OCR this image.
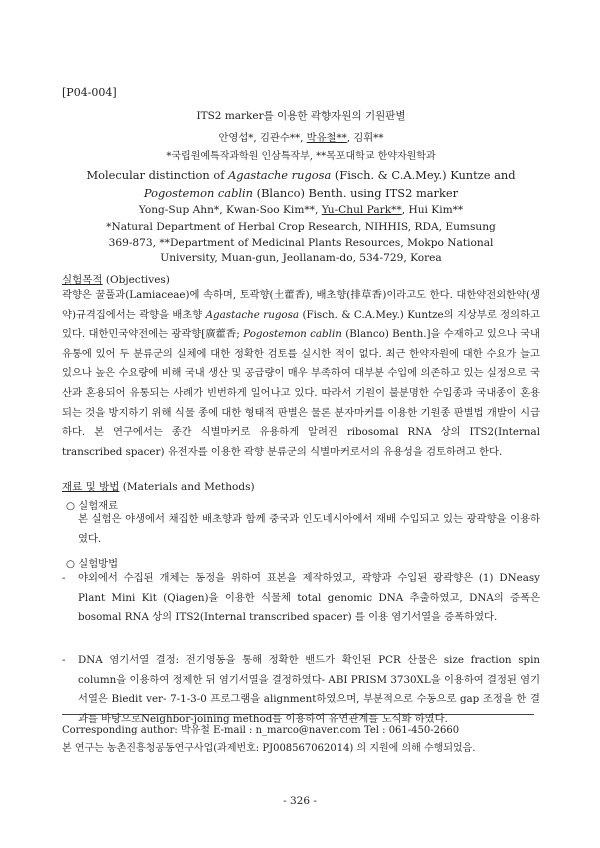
[P04-004]
ITS2 marker를 이용한 곽향자원의 기원판별
안영섭*, 김관수**, 박유철**, 김휘**
*국립원예특작과학원 인삼특작부, **목포대학교 한약자원학과
Molecular distinction of Agastache rugosa (Fisch. & C.A.Mey.) Kuntze and
Pogostemon cablin (Blanco) Benth. using ITS2 marker
Yong-Sup Ahn*, Kwan-Soo Kim**, Yu-Chul Park**, Hui Kim**
*Natural Department of Herbal Crop Research, NIHHIS, RDA, Eumsung
369-873, **Department of Medicinal Plants Resources, Mokpo National
University, Muan-gun, Jeollanam-do, 534-729, Korea
실험목적 (Objectives)
곽향은 꿀풀과(Lamiaceae)에 속하며, 토곽향(土藿香), 배초향(排草香)이라고도 한다. 대한약전외한약(생약)규격집에서는 곽향을 배초향 Agastache rugosa (Fisch. & C.A.Mey.) Kuntze의 지상부로 정의하고 있다. 대한민국약전에는 광곽향[廣藿香; Pogostemon cablin (Blanco) Benth.]을 수재하고 있으나 국내유통에 있어 두 분류군의 실체에 대한 정확한 검토를 실시한 적이 없다. 최근 한약자원에 대한 수요가 늘고 있으나 높은 수요량에 비해 국내 생산 및 공급량이 매우 부족하여 대부분 수입에 의존하고 있는 실정으로 국산과 혼용되어 유통되는 사례가 빈번하게 일어나고 있다. 따라서 기원이 불분명한 수입종과 국내종이 혼용되는 것을 방지하기 위해 식물 종에 대한 형태적 판별은 물론 분자마커를 이용한 기원종 판별법 개발이 시급하다. 본 연구에서는 종간 식별마커로 유용하게 알려진 ribosomal RNA 상의 ITS2(Internal transcribed spacer) 유전자를 이용한 곽향 분류군의 식별마커로서의 유용성을 검토하려고 한다.
재료 및 방법 (Materials and Methods)
○ 실험재료
본 실험은 야생에서 채집한 배초향과 함께 중국과 인도네시아에서 재배 수입되고 있는 광곽향을 이용하였다.
○ 실험방법
- 야외에서 수집된 개체는 동정을 위하여 표본을 제작하였고, 곽향과 수입된 광곽향은 (1) DNeasy Plant Mini Kit (Qiagen)을 이용한 식물체 total genomic DNA 추출하였고, DNA의 증폭은 bosomal RNA 상의 ITS2(Internal transcribed spacer) 를 이용 염기서열을 증폭하였다.
- DNA 염기서열 결정: 전기영동을 통해 정확한 밴드가 확인된 PCR 산물은 size fraction spin column을 이용하여 정제한 뒤 염기서열을 결정하였다- ABI PRISM 3730XL을 이용하여 결정된 염기서열은 Biedit ver- 7-1-3-0 프로그램을 alignment하였으며, 부분적으로 수동으로 gap 조정을 한 결과를 바탕으로Neighbor-joining method를 이용하여 유연관계를 도식화 하였다.
Corresponding author: 박유철 E-mail : n_marco@naver.com Tel : 061-450-2660
본 연구는 농촌진흥청공동연구사업(과제번호: PJ008567062014) 의 지원에 의해 수행되었음.
- 326 -
